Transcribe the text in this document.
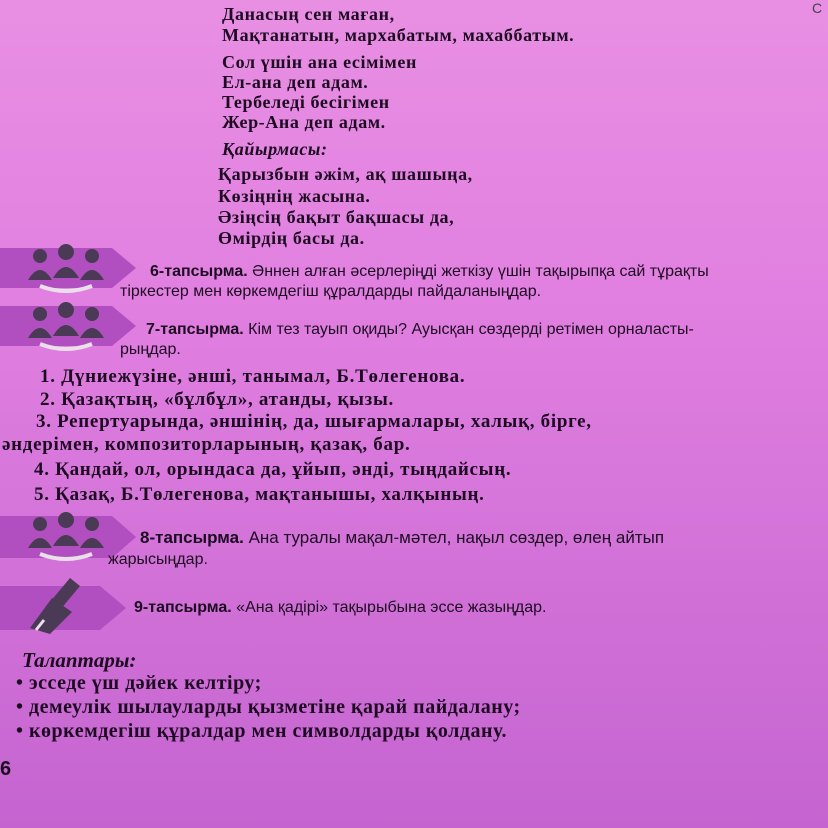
C
Данасың сен маған,
Мақтанатын, мархабатым, махаббатым.
Сол үшін ана есімімен
Ел-ана деп адам.
Тербеледі бесігімен
Жер-Ана деп адам.
Қайырмасы:
Қарызбын әжім, ақ шашыңа,
Көзіңнің жасына.
Әзіңсің бақыт бақшасы да,
Өмірдің басы да.
6-тапсырма. Әннен алған әсерлеріңді жеткізу үшін тақырыпқа сай тұрақты
тіркестер мен көркемдегіш құралдарды пайдаланыңдар.
7-тапсырма. Кім тез тауып оқиды? Ауысқан сөздерді ретімен орналасты-
рыңдар.
1. Дүниежүзіне, әнші, танымал, Б.Төлегенова.
2. Қазақтың, «бұлбұл», атанды, қызы.
3. Репертуарында, әншінің, да, шығармалары, халық, бірге,
әндерімен, композиторларының, қазақ, бар.
4. Қандай, ол, орындаса да, ұйып, әнді, тыңдайсың.
5. Қазақ, Б.Төлегенова, мақтанышы, халқының.
8-тапсырма. Ана туралы мақал-мәтел, нақыл сөздер, өлең айтып
жарысыңдар.
9-тапсырма. «Ана қадірі» тақырыбына эссе жазыңдар.
Талаптары:
• эсседе үш дәйек келтіру;
• демеулік шылауларды қызметіне қарай пайдалану;
• көркемдегіш құралдар мен символдарды қолдану.
6
